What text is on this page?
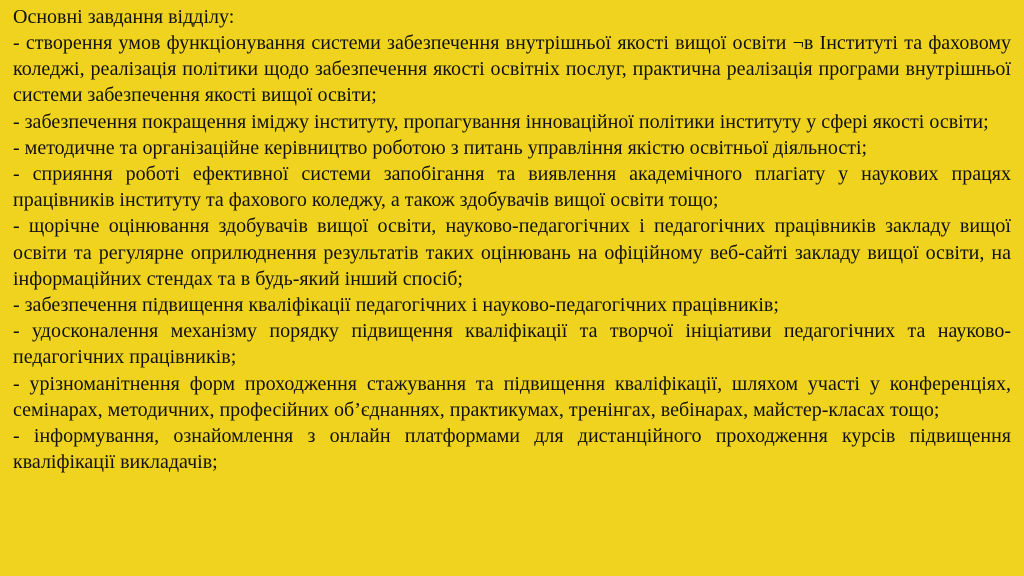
Основні завдання відділу:
- створення умов функціонування системи забезпечення внутрішньої якості вищої освіти ¬в Інституті та фаховому коледжі, реалізація політики щодо забезпечення якості освітніх послуг, практична реалізація програми внутрішньої системи забезпечення якості вищої освіти;
- забезпечення покращення іміджу інституту, пропагування інноваційної політики інституту у сфері якості освіти;
- методичне та організаційне керівництво роботою з питань управління якістю освітньої діяльності;
- сприяння роботі ефективної системи запобігання та виявлення академічного плагіату у наукових працях працівників інституту та фахового коледжу, а також здобувачів вищої освіти тощо;
- щорічне оцінювання здобувачів вищої освіти, науково-педагогічних і педагогічних працівників закладу вищої освіти та регулярне оприлюднення результатів таких оцінювань на офіційному веб-сайті закладу вищої освіти, на інформаційних стендах та в будь-який інший спосіб;
- забезпечення підвищення кваліфікації педагогічних і науково-педагогічних працівників;
- удосконалення механізму порядку підвищення кваліфікації та творчої ініціативи педагогічних та науково-педагогічних працівників;
- урізноманітнення форм проходження стажування та підвищення кваліфікації, шляхом участі у конференціях, семінарах, методичних, професійних об’єднаннях, практикумах, тренінгах, вебінарах, майстер-класах тощо;
- інформування, ознайомлення з онлайн платформами для дистанційного проходження курсів підвищення кваліфікації викладачів;
